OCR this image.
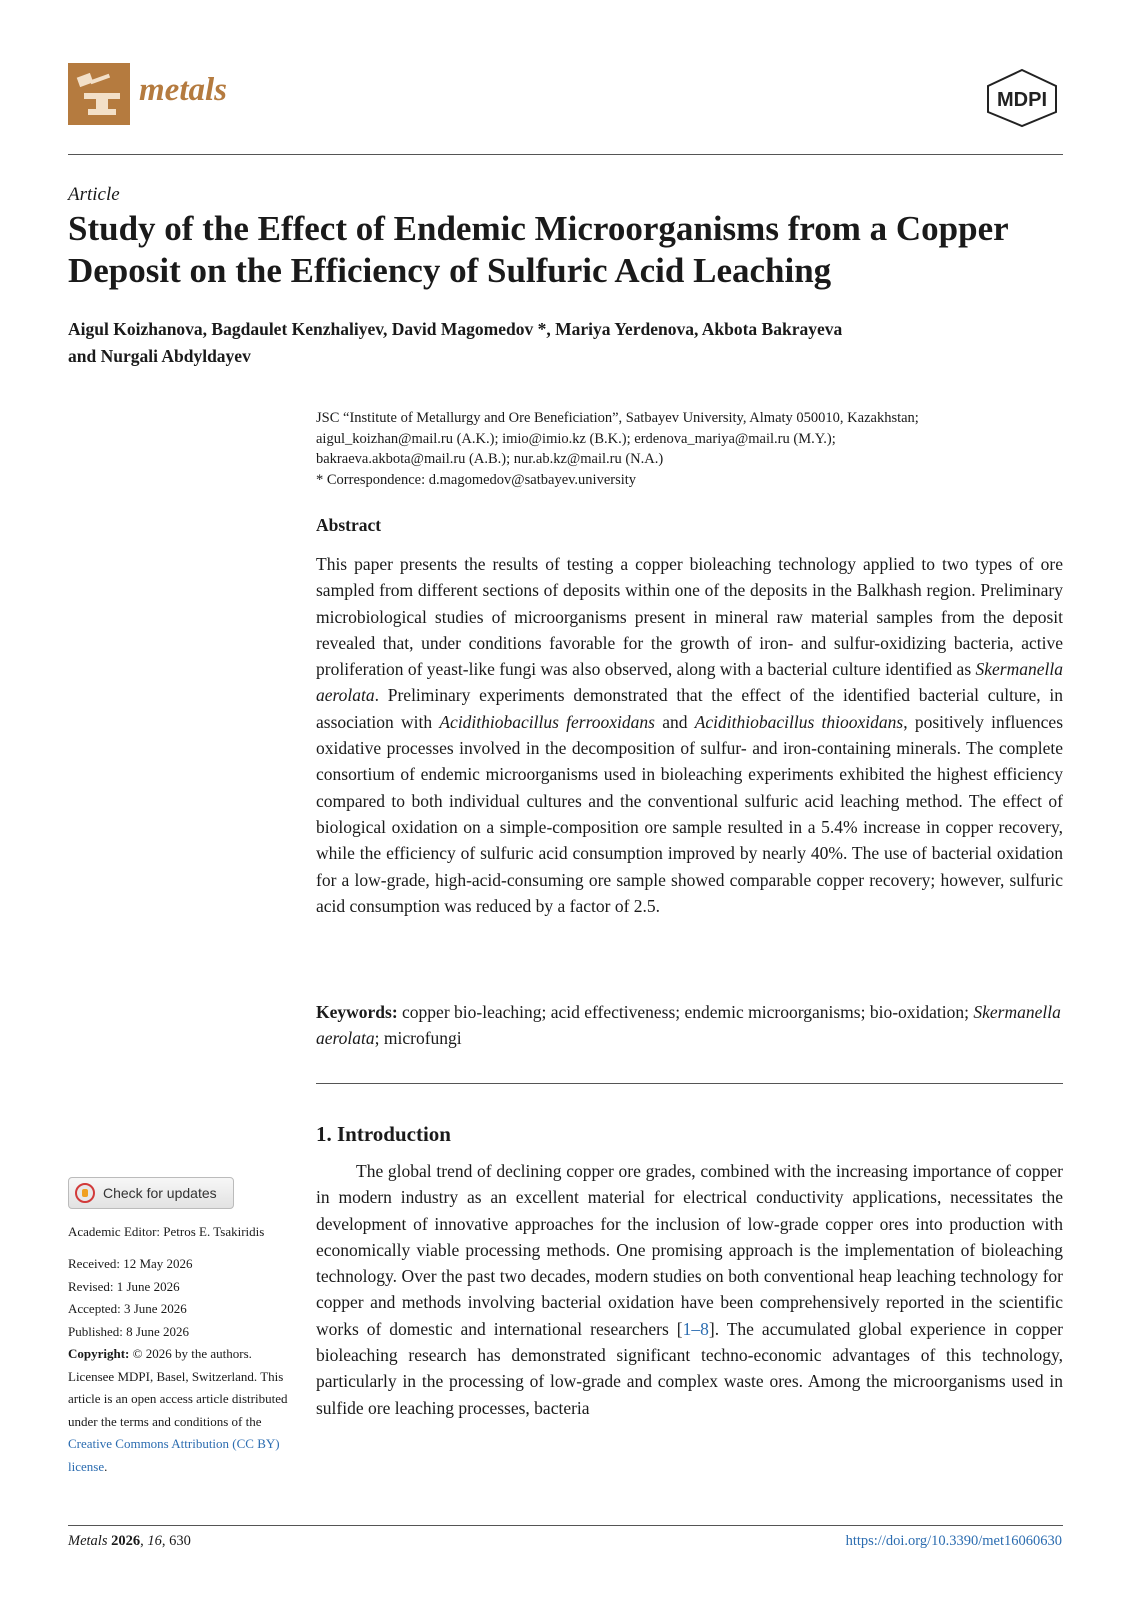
metals	MDPI
Article
Study of the Effect of Endemic Microorganisms from a Copper Deposit on the Efficiency of Sulfuric Acid Leaching
Aigul Koizhanova, Bagdaulet Kenzhaliyev, David Magomedov *, Mariya Yerdenova, Akbota Bakrayeva
and Nurgali Abdyldayev
JSC “Institute of Metallurgy and Ore Beneficiation”, Satbayev University, Almaty 050010, Kazakhstan;
aigul_koizhan@mail.ru (A.K.); imio@imio.kz (B.K.); erdenova_mariya@mail.ru (M.Y.);
bakraeva.akbota@mail.ru (A.B.); nur.ab.kz@mail.ru (N.A.)
* Correspondence: d.magomedov@satbayev.university
Abstract
This paper presents the results of testing a copper bioleaching technology applied to two types of ore sampled from different sections of deposits within one of the deposits in the Balkhash region. Preliminary microbiological studies of microorganisms present in mineral raw material samples from the deposit revealed that, under conditions favorable for the growth of iron- and sulfur-oxidizing bacteria, active proliferation of yeast-like fungi was also observed, along with a bacterial culture identified as Skermanella aerolata. Preliminary experiments demonstrated that the effect of the identified bacterial culture, in association with Acidithiobacillus ferrooxidans and Acidithiobacillus thiooxidans, positively influences oxidative processes involved in the decomposition of sulfur- and iron-containing minerals. The complete consortium of endemic microorganisms used in bioleaching experiments exhibited the highest efficiency compared to both individual cultures and the conventional sulfuric acid leaching method. The effect of biological oxidation on a simple-composition ore sample resulted in a 5.4% increase in copper recovery, while the efficiency of sulfuric acid consumption improved by nearly 40%. The use of bacterial oxidation for a low-grade, high-acid-consuming ore sample showed comparable copper recovery; however, sulfuric acid consumption was reduced by a factor of 2.5.
Keywords: copper bio-leaching; acid effectiveness; endemic microorganisms; bio-oxidation; Skermanella aerolata; microfungi
1. Introduction
The global trend of declining copper ore grades, combined with the increasing importance of copper in modern industry as an excellent material for electrical conductivity applications, necessitates the development of innovative approaches for the inclusion of low-grade copper ores into production with economically viable processing methods. One promising approach is the implementation of bioleaching technology. Over the past two decades, modern studies on both conventional heap leaching technology for copper and methods involving bacterial oxidation have been comprehensively reported in the scientific works of domestic and international researchers [1–8]. The accumulated global experience in copper bioleaching research has demonstrated significant techno-economic advantages of this technology, particularly in the processing of low-grade and complex waste ores. Among the microorganisms used in sulfide ore leaching processes, bacteria
Check for updates
Academic Editor: Petros E. Tsakiridis
Received: 12 May 2026
Revised: 1 June 2026
Accepted: 3 June 2026
Published: 8 June 2026
Copyright: © 2026 by the authors. Licensee MDPI, Basel, Switzerland. This article is an open access article distributed under the terms and conditions of the Creative Commons Attribution (CC BY) license.
Metals 2026, 16, 630	https://doi.org/10.3390/met16060630
